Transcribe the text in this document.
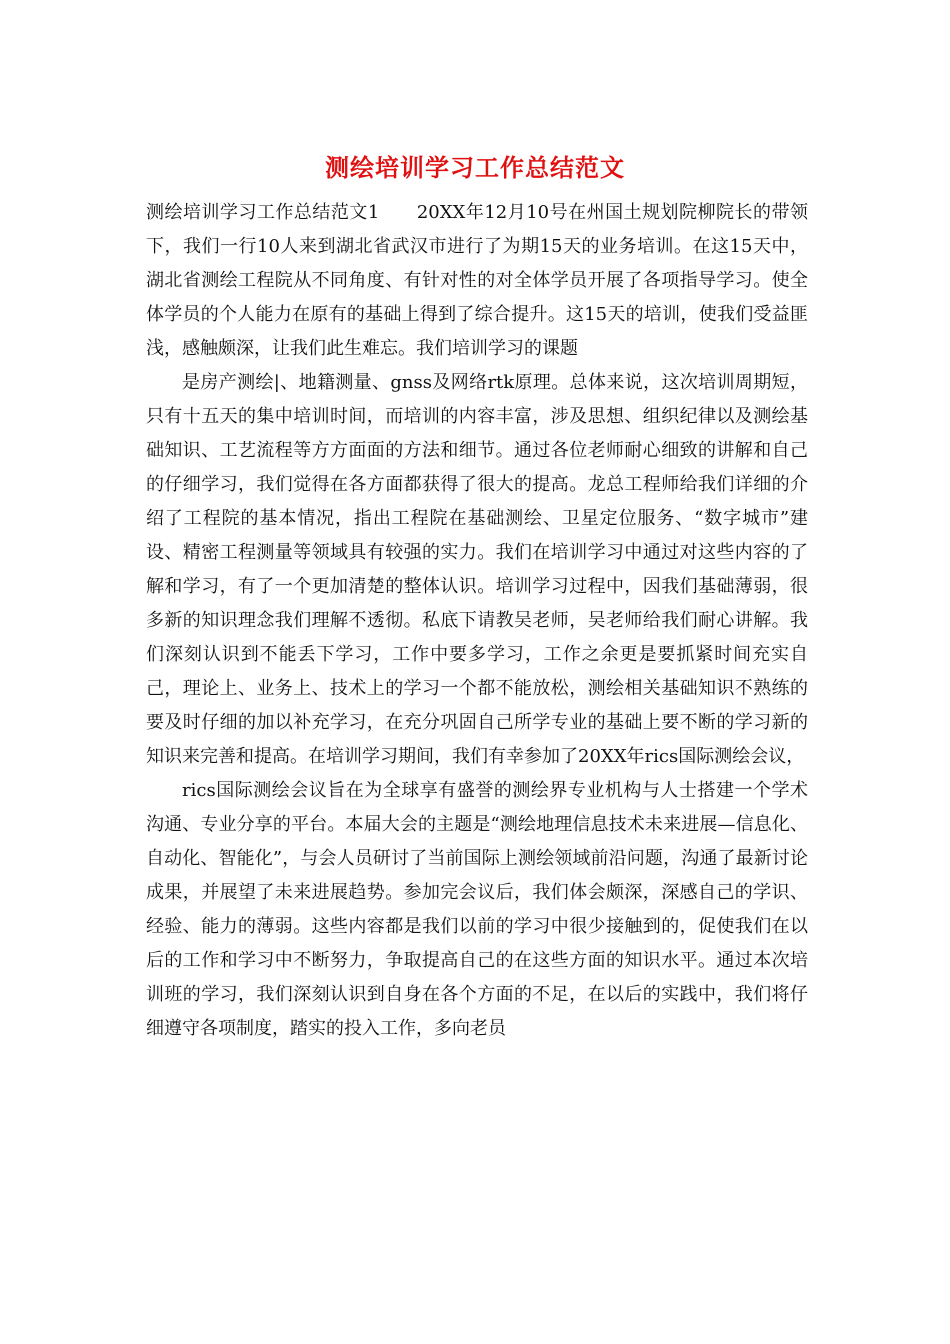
测绘培训学习工作总结范文

测绘培训学习工作总结范文1　　20XX年12月10号在州国土规划院柳院长的带领下，我们一行10人来到湖北省武汉市进行了为期15天的业务培训。在这15天中，湖北省测绘工程院从不同角度、有针对性的对全体学员开展了各项指导学习。使全体学员的个人能力在原有的基础上得到了综合提升。这15天的培训，使我们受益匪浅，感触颇深，让我们此生难忘。我们培训学习的课题

是房产测绘|、地籍测量、gnss及网络rtk原理。总体来说，这次培训周期短，只有十五天的集中培训时间，而培训的内容丰富，涉及思想、组织纪律以及测绘基础知识、工艺流程等方方面面的方法和细节。通过各位老师耐心细致的讲解和自己的仔细学习，我们觉得在各方面都获得了很大的提高。龙总工程师给我们详细的介绍了工程院的基本情况，指出工程院在基础测绘、卫星定位服务、“数字城市”建设、精密工程测量等领域具有较强的实力。我们在培训学习中通过对这些内容的了解和学习，有了一个更加清楚的整体认识。培训学习过程中，因我们基础薄弱，很多新的知识理念我们理解不透彻。私底下请教吴老师，吴老师给我们耐心讲解。我们深刻认识到不能丢下学习，工作中要多学习，工作之余更是要抓紧时间充实自己，理论上、业务上、技术上的学习一个都不能放松，测绘相关基础知识不熟练的要及时仔细的加以补充学习，在充分巩固自己所学专业的基础上要不断的学习新的知识来完善和提高。在培训学习期间，我们有幸参加了20XX年rics国际测绘会议，

rics国际测绘会议旨在为全球享有盛誉的测绘界专业机构与人士搭建一个学术沟通、专业分享的平台。本届大会的主题是“测绘地理信息技术未来进展—信息化、自动化、智能化”，与会人员研讨了当前国际上测绘领域前沿问题，沟通了最新讨论成果，并展望了未来进展趋势。参加完会议后，我们体会颇深，深感自己的学识、经验、能力的薄弱。这些内容都是我们以前的学习中很少接触到的，促使我们在以后的工作和学习中不断努力，争取提高自己的在这些方面的知识水平。通过本次培训班的学习，我们深刻认识到自身在各个方面的不足，在以后的实践中，我们将仔细遵守各项制度，踏实的投入工作，多向老员
